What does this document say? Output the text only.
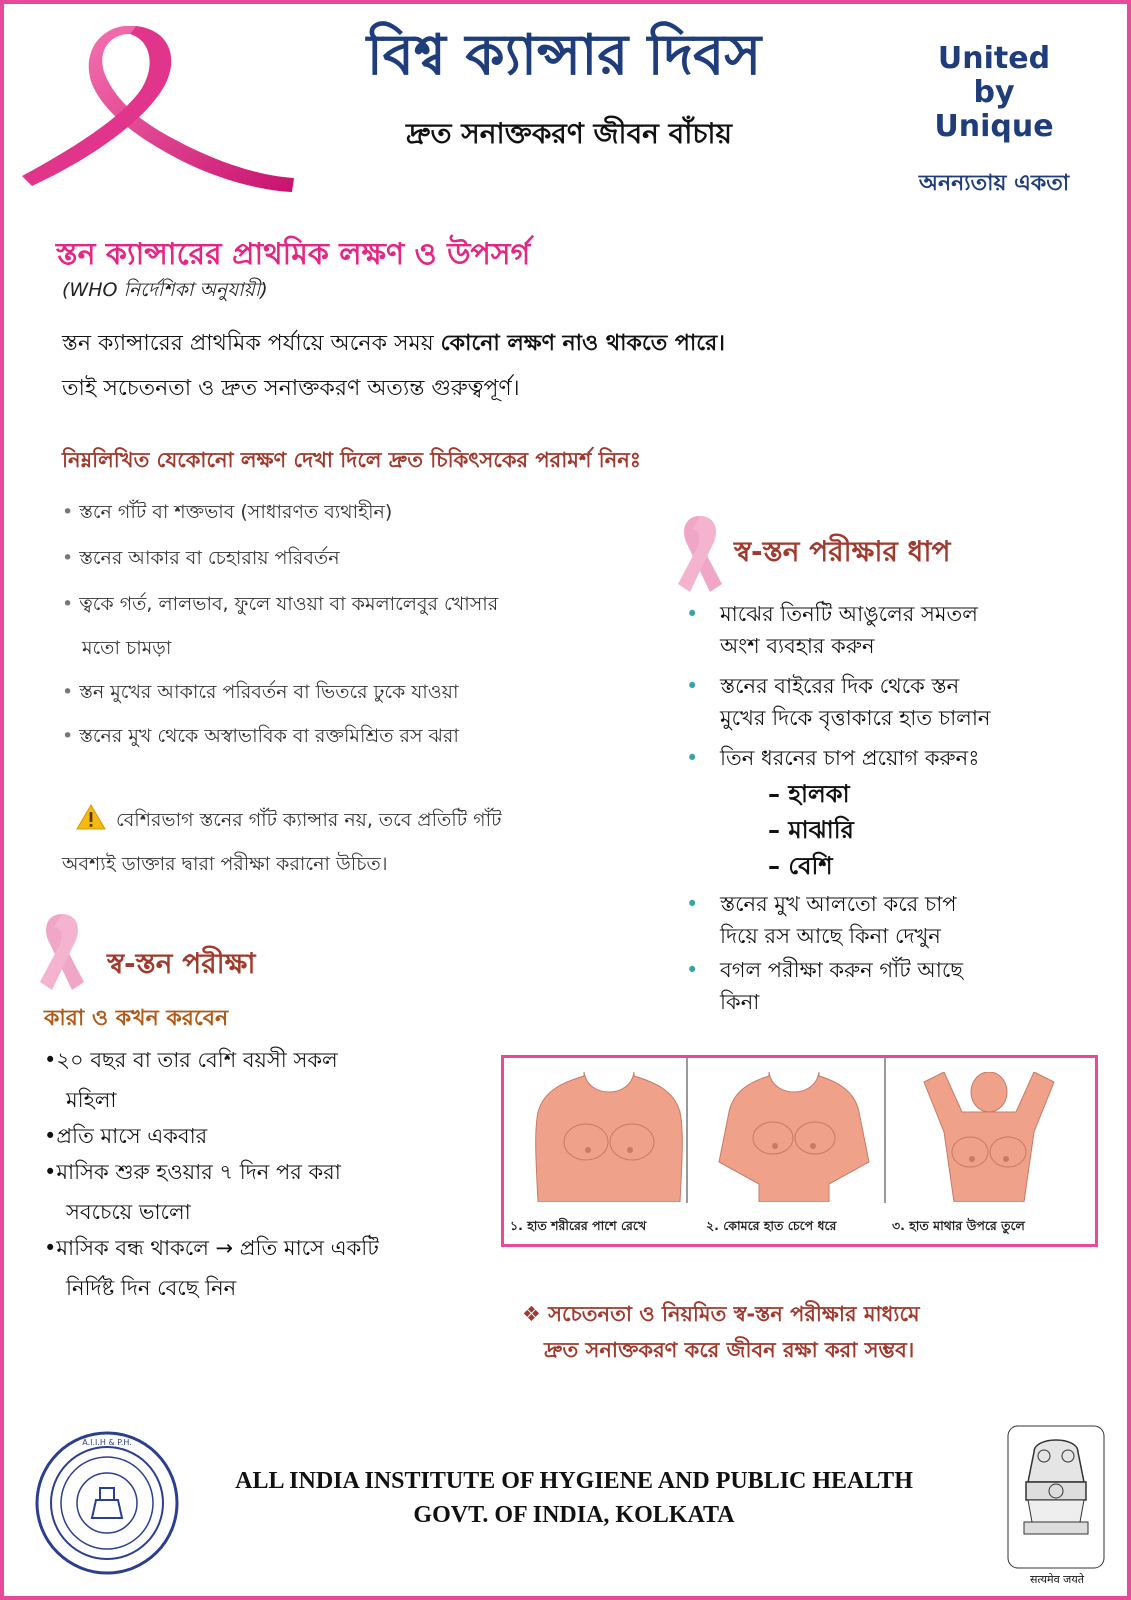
বিশ্ব ক্যান্সার দিবস
দ্রুত সনাক্তকরণ জীবন বাঁচায়
United
by
Unique
অনন্যতায় একতা
স্তন ক্যান্সারের প্রাথমিক লক্ষণ ও উপসর্গ
(WHO নির্দেশিকা অনুযায়ী)
স্তন ক্যান্সারের প্রাথমিক পর্যায়ে অনেক সময় কোনো লক্ষণ নাও থাকতে পারে।
তাই সচেতনতা ও দ্রুত সনাক্তকরণ অত্যন্ত গুরুত্বপূর্ণ।
নিম্নলিখিত যেকোনো লক্ষণ দেখা দিলে দ্রুত চিকিৎসকের পরামর্শ নিনঃ
• স্তনে গাঁট বা শক্তভাব (সাধারণত ব্যথাহীন)
• স্তনের আকার বা চেহারায় পরিবর্তন
• ত্বকে গর্ত, লালভাব, ফুলে যাওয়া বা কমলালেবুর খোসার
মতো চামড়া
• স্তন মুখের আকারে পরিবর্তন বা ভিতরে ঢুকে যাওয়া
• স্তনের মুখ থেকে অস্বাভাবিক বা রক্তমিশ্রিত রস ঝরা
বেশিরভাগ স্তনের গাঁট ক্যান্সার নয়, তবে প্রতিটি গাঁট
অবশ্যই ডাক্তার দ্বারা পরীক্ষা করানো উচিত।
স্ব-স্তন পরীক্ষার ধাপ
• মাঝের তিনটি আঙুলের সমতল
অংশ ব্যবহার করুন
• স্তনের বাইরের দিক থেকে স্তন
মুখের দিকে বৃত্তাকারে হাত চালান
• তিন ধরনের চাপ প্রয়োগ করুনঃ
– হালকা
– মাঝারি
– বেশি
• স্তনের মুখ আলতো করে চাপ
দিয়ে রস আছে কিনা দেখুন
• বগল পরীক্ষা করুন গাঁট আছে
কিনা
স্ব-স্তন পরীক্ষা
কারা ও কখন করবেন
•২০ বছর বা তার বেশি বয়সী সকল
মহিলা
•প্রতি মাসে একবার
•মাসিক শুরু হওয়ার ৭ দিন পর করা
সবচেয়ে ভালো
•মাসিক বন্ধ থাকলে → প্রতি মাসে একটি
নির্দিষ্ট দিন বেছে নিন
১. হাত শরীরের পাশে রেখে	২. কোমরে হাত চেপে ধরে	৩. হাত মাথার উপরে তুলে
❖ সচেতনতা ও নিয়মিত স্ব-স্তন পরীক্ষার মাধ্যমে
দ্রুত সনাক্তকরণ করে জীবন রক্ষা করা সম্ভব।
A.I.I.H & P.H.
ALL INDIA INSTITUTE OF HYGIENE AND PUBLIC HEALTH
GOVT. OF INDIA, KOLKATA
सत्यमेव जयते
